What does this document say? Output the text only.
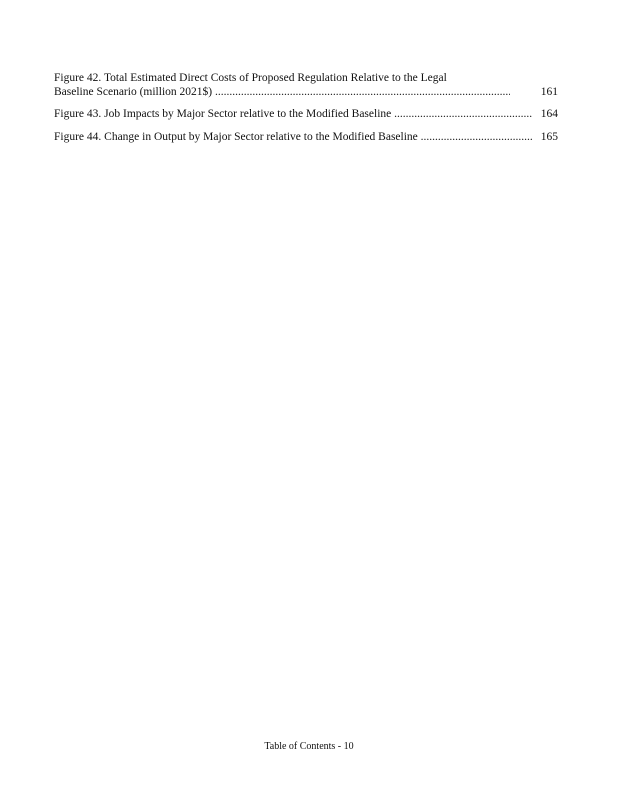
Figure 42. Total Estimated Direct Costs of Proposed Regulation Relative to the Legal
Baseline Scenario (million 2021$) .....	161
Figure 43. Job Impacts by Major Sector relative to the Modified Baseline .....	164
Figure 44. Change in Output by Major Sector relative to the Modified Baseline .....	165
Table of Contents - 10
